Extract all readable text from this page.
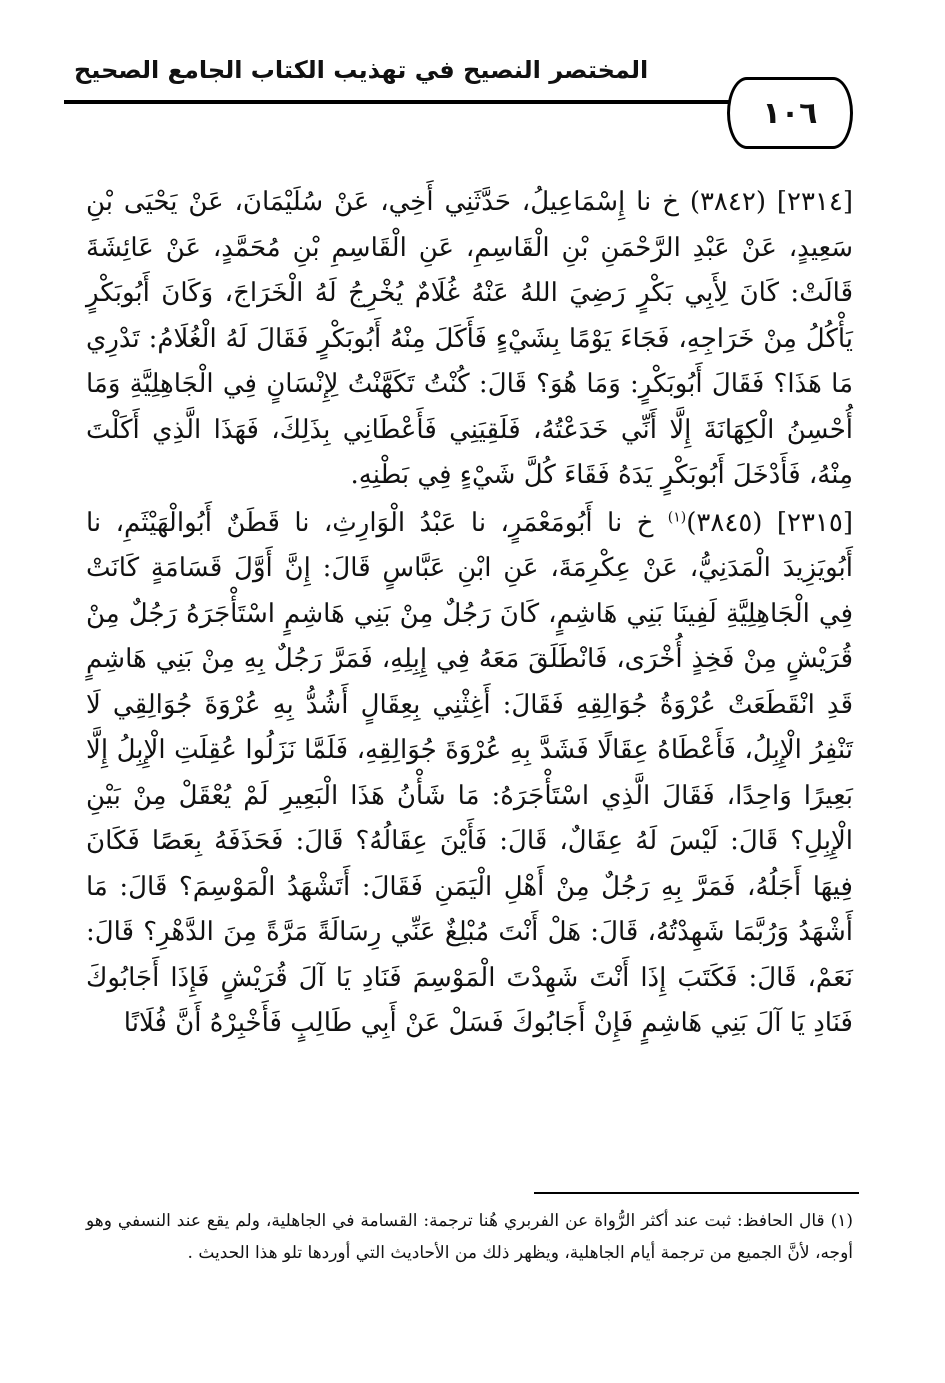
المختصر النصيح في تهذيب الكتاب الجامع الصحيح
١٠٦

[٢٣١٤] (٣٨٤٢) خ نا إِسْمَاعِيلُ، حَدَّثَنِي أَخِي، عَنْ سُلَيْمَانَ، عَنْ يَحْيَى بْنِ سَعِيدٍ، عَنْ عَبْدِ الرَّحْمَنِ بْنِ الْقَاسِمِ، عَنِ الْقَاسِمِ بْنِ مُحَمَّدٍ، عَنْ عَائِشَةَ قَالَتْ: كَانَ لِأَبِي بَكْرٍ رَضِيَ اللهُ عَنْهُ غُلَامٌ يُخْرِجُ لَهُ الْخَرَاجَ، وَكَانَ أَبُوبَكْرٍ يَأْكُلُ مِنْ خَرَاجِهِ، فَجَاءَ يَوْمًا بِشَيْءٍ فَأَكَلَ مِنْهُ أَبُوبَكْرٍ فَقَالَ لَهُ الْغُلَامُ: تَدْرِي مَا هَذَا؟ فَقَالَ أَبُوبَكْرٍ: وَمَا هُوَ؟ قَالَ: كُنْتُ تَكَهَّنْتُ لِإِنْسَانٍ فِي الْجَاهِلِيَّةِ وَمَا أُحْسِنُ الْكِهَانَةَ إِلَّا أَنِّي خَدَعْتُهُ، فَلَقِيَنِي فَأَعْطَانِي بِذَلِكَ، فَهَذَا الَّذِي أَكَلْتَ مِنْهُ، فَأَدْخَلَ أَبُوبَكْرٍ يَدَهُ فَقَاءَ كُلَّ شَيْءٍ فِي بَطْنِهِ.

[٢٣١٥] (٣٨٤٥)$^{(١)}$ خ نا أَبُومَعْمَرٍ، نا عَبْدُ الْوَارِثِ، نا قَطَنٌ أَبُوالْهَيْثَمِ، نا أَبُويَزِيدَ الْمَدَنِيُّ، عَنْ عِكْرِمَةَ، عَنِ ابْنِ عَبَّاسٍ قَالَ: إِنَّ أَوَّلَ قَسَامَةٍ كَانَتْ فِي الْجَاهِلِيَّةِ لَفِينَا بَنِي هَاشِمٍ، كَانَ رَجُلٌ مِنْ بَنِي هَاشِمٍ اسْتَأْجَرَهُ رَجُلٌ مِنْ قُرَيْشٍ مِنْ فَخِذٍ أُخْرَى، فَانْطَلَقَ مَعَهُ فِي إِبِلِهِ، فَمَرَّ رَجُلٌ بِهِ مِنْ بَنِي هَاشِمٍ قَدِ انْقَطَعَتْ عُرْوَةُ جُوَالِقِهِ فَقَالَ: أَغِثْنِي بِعِقَالٍ أَشُدُّ بِهِ عُرْوَةَ جُوَالِقِي لَا تَنْفِرُ الْإِبِلُ، فَأَعْطَاهُ عِقَالًا فَشَدَّ بِهِ عُرْوَةَ جُوَالِقِهِ، فَلَمَّا نَزَلُوا عُقِلَتِ الْإِبِلُ إِلَّا بَعِيرًا وَاحِدًا، فَقَالَ الَّذِي اسْتَأْجَرَهُ: مَا شَأْنُ هَذَا الْبَعِيرِ لَمْ يُعْقَلْ مِنْ بَيْنِ الْإِبِلِ؟ قَالَ: لَيْسَ لَهُ عِقَالٌ، قَالَ: فَأَيْنَ عِقَالُهُ؟ قَالَ: فَحَذَفَهُ بِعَصًا فَكَانَ فِيهَا أَجَلُهُ، فَمَرَّ بِهِ رَجُلٌ مِنْ أَهْلِ الْيَمَنِ فَقَالَ: أَتَشْهَدُ الْمَوْسِمَ؟ قَالَ: مَا أَشْهَدُ وَرُبَّمَا شَهِدْتُهُ، قَالَ: هَلْ أَنْتَ مُبْلِغٌ عَنِّي رِسَالَةً مَرَّةً مِنَ الدَّهْرِ؟ قَالَ: نَعَمْ، قَالَ: فَكَتَبَ إِذَا أَنْتَ شَهِدْتَ الْمَوْسِمَ فَنَادِ يَا آلَ قُرَيْشٍ فَإِذَا أَجَابُوكَ فَنَادِ يَا آلَ بَنِي هَاشِمٍ فَإِنْ أَجَابُوكَ فَسَلْ عَنْ أَبِي طَالِبٍ فَأَخْبِرْهُ أَنَّ فُلَانًا

(١) قال الحافظ: ثبت عند أكثر الرُّواة عن الفربري هُنا ترجمة: القسامة في الجاهلية، ولم يقع عند النسفي وهو أوجه، لأنَّ الجميع من ترجمة أيام الجاهلية، ويظهر ذلك من الأحاديث التي أوردها تلو هذا الحديث .
